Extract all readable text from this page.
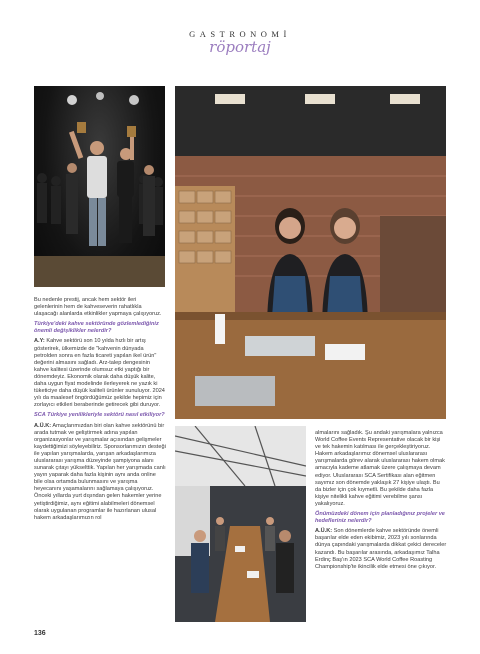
GASTRONOMİ
röportaj

Bu nedenle prestij, ancak hem sektör ileri gelenlerinin hem de kahveseverin rahatlıkla ulaşacağı alanlarda etkinlikler yapmaya çalışıyoruz.

Türkiye'deki kahve sektöründe gözlemlediğiniz önemli değişiklikler nelerdir?

A.Y: Kahve sektörü son 10 yılda hızlı bir artış gösterirek, ülkemizde de "kahvenin dünyada petrolden sonra en fazla ticareti yapılan ikel ürün" değerini almasını sağladı. Arz-talep dengesinin kahve kalitesi üzerinde olumsuz etki yaptığı bir dönemdeyiz. Ekonomik olarak daha düşük kalite, daha uygun fiyat modelinde ilerleyerek ne yazık ki tüketiciye daha düşük kaliteli ürünler sunuluyor. 2024 yılı da maalesef öngördüğümüz şekilde hepimiz için zorlayıcı etkileri beraberinde getirecek gibi duruyor.

SCA Türkiye yenilikleriyle sektörü nasıl etkiliyor?

A.Ü.K: Amaçlarımızdan biri olan kahve sektörünü bir arada tutmak ve geliştirmek adına yapılan organizasyonlar ve yarışmalar açısından gelişmeler kaydettiğimizi söyleyebiliriz. Sponsorlarımızın desteği ile yapılan yarışmalarda, yarışan arkadaşlarımıza uluslararası yarışma düzeyinde şampiyona alanı sunarak çıtayı yükselttik. Yapılan her yarışmada canlı yayın yaparak daha fazla kişinin aynı anda online bile olsa ortamda bulunmasını ve yarışma heyecanını yaşamalarını sağlamaya çalışıyoruz. Önceki yıllarda yurt dışından gelen hakemler yerine yetiştirdiğimiz, aynı eğitimi alabilmeleri dönemsel olarak uygulanan programlar ile hazırlanan ulusal hakem arkadaşlarımızın rol

almalarını sağladık. Şu andaki yarışmalara yalnızca World Coffee Events Representative olacak bir kişi ve tek hakemin katılması ile gerçekleştiriyoruz. Hakem arkadaşlarımız dönemsel uluslararası yarışmalarda görev alarak uluslararası hakem olmak amacıyla kademe atlamak üzere çalışmaya devam ediyor. Uluslararası SCA Sertifikası alan eğitmen sayımız son dönemde yaklaşık 27 kişiye ulaştı. Bu da bizler için çok kıymetli. Bu şekilde daha fazla kişiye nitelikli kahve eğitimi verebilme şansı yakalıyoruz.

Önümüzdeki dönem için planladığınız projeler ve hedefleriniz nelerdir?

A.Ü.K: Son dönemlerde kahve sektöründe önemli başarılar elde eden ekibimiz, 2023 yılı sonlarında dünya çapındaki yarışmalarda dikkat çekici dereceler kazandı. Bu başarılar arasında, arkadaşımız Talha Erdinç Baş'ın 2023 SCA World Coffee Roasting Championship'te ikincilik elde etmesi öne çıkıyor.

136
